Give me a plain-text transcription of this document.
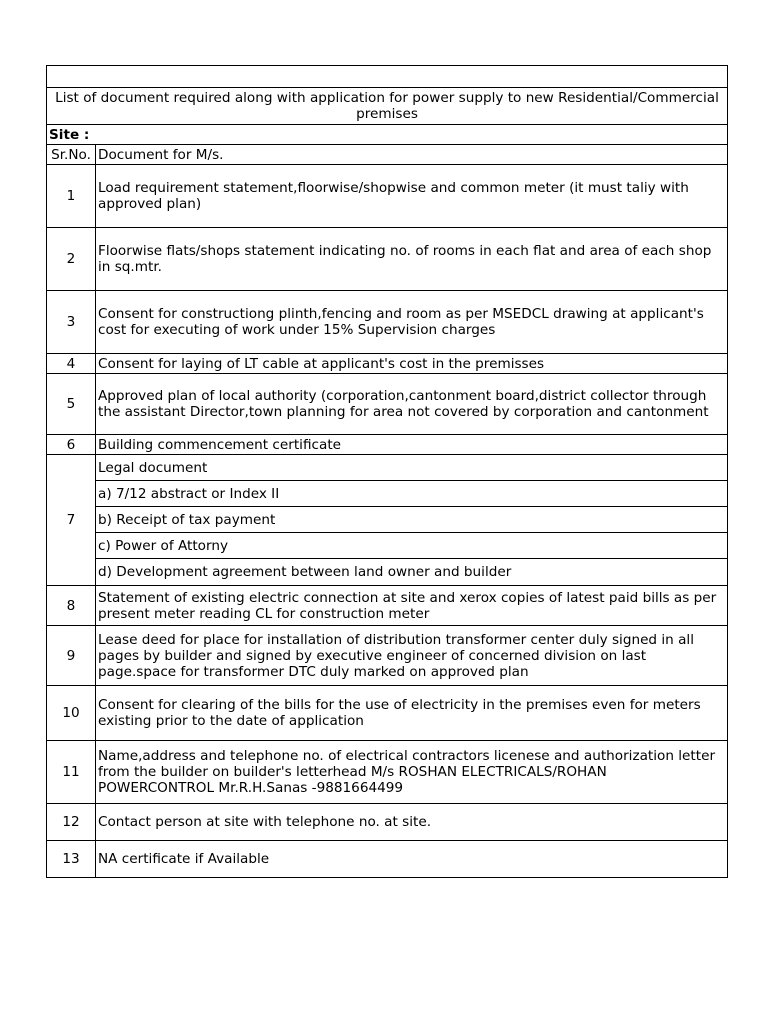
List of document required along with application for power supply to new Residential/Commercial premises	
Site :	
Sr.No.	Document for M/s.
1	Load requirement statement,floorwise/shopwise and common meter (it must taliy with approved plan)
2	Floorwise flats/shops statement indicating no. of rooms in each flat and area of each shop in sq.mtr.
3	Consent for constructiong plinth,fencing and room as per MSEDCL drawing at applicant's cost for executing of work under 15% Supervision charges
4	Consent for laying of LT cable at applicant's cost in the premisses
5	Approved plan of local authority (corporation,cantonment board,district collector through the assistant Director,town planning for area not covered by corporation and cantonment
6	Building commencement certificate
7	Legal document
	a) 7/12 abstract or Index II
	b) Receipt of tax payment
	c) Power of Attorny
	d) Development agreement between land owner and builder
8	Statement of existing electric connection at site and xerox copies of latest paid bills as per present meter reading CL for construction meter
9	Lease deed for place for installation of distribution transformer center duly signed in all pages by builder and signed by executive engineer of concerned division on last page.space for transformer DTC duly marked on approved plan
10	Consent for clearing of the bills for the use of electricity in the premises even for meters existing prior to the date of application
11	Name,address and telephone no. of electrical contractors licenese and authorization letter from the builder on builder's letterhead M/s ROSHAN ELECTRICALS/ROHAN POWERCONTROL Mr.R.H.Sanas -9881664499
12	Contact person at site with telephone no. at site.
13	NA certificate if Available
